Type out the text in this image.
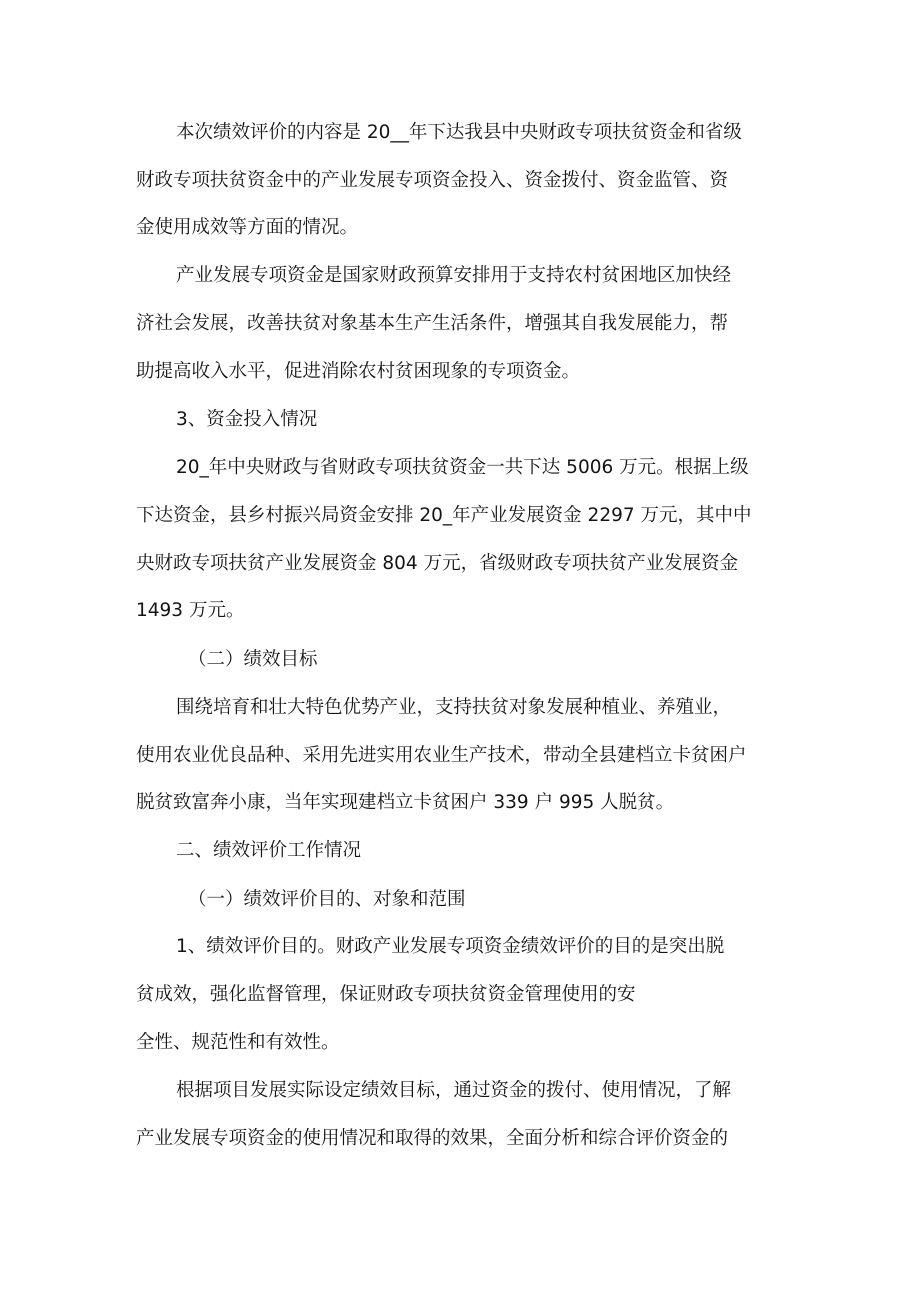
本次绩效评价的内容是 20__年下达我县中央财政专项扶贫资金和省级
财政专项扶贫资金中的产业发展专项资金投入、资金拨付、资金监管、资
金使用成效等方面的情况。
产业发展专项资金是国家财政预算安排用于支持农村贫困地区加快经
济社会发展，改善扶贫对象基本生产生活条件，增强其自我发展能力，帮
助提高收入水平，促进消除农村贫困现象的专项资金。
3、资金投入情况
20_年中央财政与省财政专项扶贫资金一共下达 5006 万元。根据上级
下达资金，县乡村振兴局资金安排 20_年产业发展资金 2297 万元，其中中
央财政专项扶贫产业发展资金 804 万元，省级财政专项扶贫产业发展资金
1493 万元。
（二）绩效目标
围绕培育和壮大特色优势产业，支持扶贫对象发展种植业、养殖业，
使用农业优良品种、采用先进实用农业生产技术，带动全县建档立卡贫困户
脱贫致富奔小康，当年实现建档立卡贫困户 339 户 995 人脱贫。
二、绩效评价工作情况
（一）绩效评价目的、对象和范围
1、绩效评价目的。财政产业发展专项资金绩效评价的目的是突出脱
贫成效，强化监督管理，保证财政专项扶贫资金管理使用的安
全性、规范性和有效性。
根据项目发展实际设定绩效目标，通过资金的拨付、使用情况，了解
产业发展专项资金的使用情况和取得的效果，全面分析和综合评价资金的
